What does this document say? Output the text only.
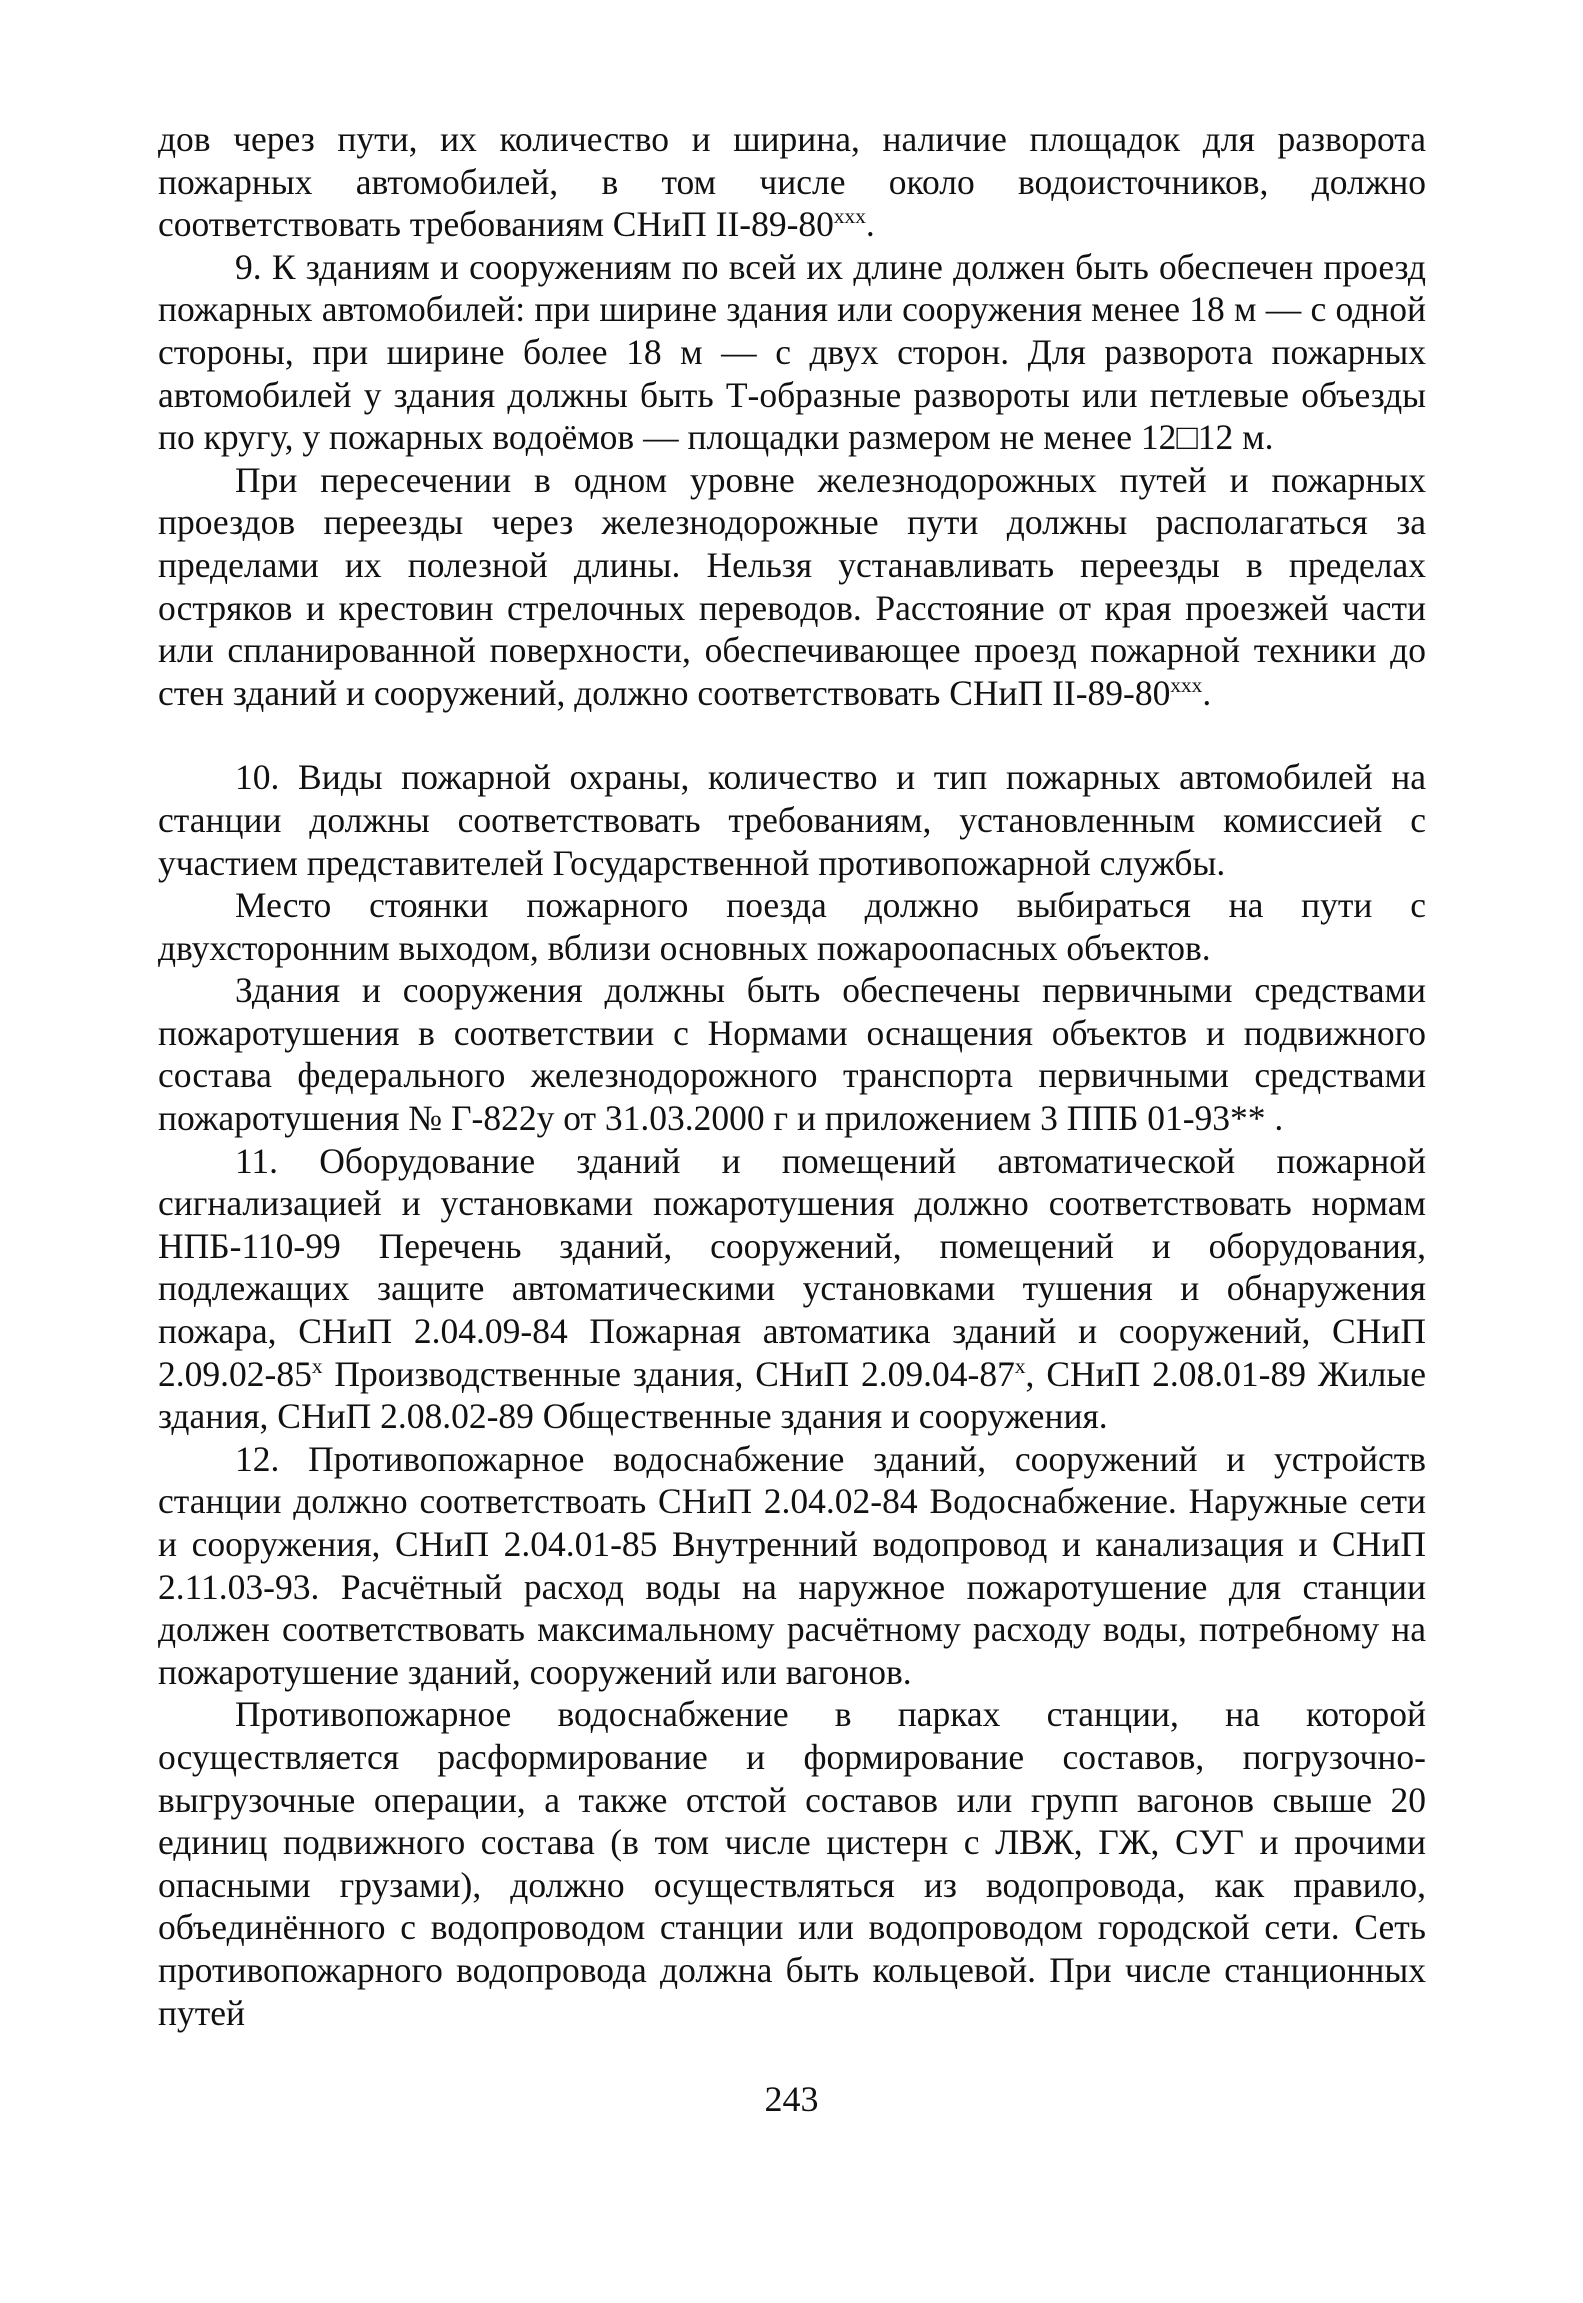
дов через пути, их количество и ширина, наличие площадок для разворота пожарных автомобилей, в том числе около водоисточников, должно соответствовать требованиям СНиП II-89-80$^{xxx}$.

9. К зданиям и сооружениям по всей их длине должен быть обеспечен проезд пожарных автомобилей: при ширине здания или сооружения менее 18 м — с одной стороны, при ширине более 18 м — с двух сторон. Для разворота пожарных автомобилей у здания должны быть Т-образные развороты или петлевые объезды по кругу, у пожарных водоёмов — площадки размером не менее 12□12 м.

При пересечении в одном уровне железнодорожных путей и пожарных проездов переезды через железнодорожные пути должны располагаться за пределами их полезной длины. Нельзя устанавливать переезды в пределах остряков и крестовин стрелочных переводов. Расстояние от края проезжей части или спланированной поверхности, обеспечивающее проезд пожарной техники до стен зданий и сооружений, должно соответствовать СНиП II-89-80$^{xxx}$.

10. Виды пожарной охраны, количество и тип пожарных автомобилей на станции должны соответствовать требованиям, установленным комиссией с участием представителей Государственной противопожарной службы.

Место стоянки пожарного поезда должно выбираться на пути с двухсторонним выходом, вблизи основных пожароопасных объектов.

Здания и сооружения должны быть обеспечены первичными средствами пожаротушения в соответствии с Нормами оснащения объектов и подвижного состава федерального железнодорожного транспорта первичными средствами пожаротушения № Г-822у от 31.03.2000 г и приложением 3 ППБ 01-93** .

11. Оборудование зданий и помещений автоматической пожарной сигнализацией и установками пожаротушения должно соответствовать нормам НПБ-110-99 Перечень зданий, сооружений, помещений и оборудования, подлежащих защите автоматическими установками тушения и обнаружения пожара, СНиП 2.04.09-84 Пожарная автоматика зданий и сооружений, СНиП 2.09.02-85$^x$ Производственные здания, СНиП 2.09.04-87$^x$, СНиП 2.08.01-89 Жилые здания, СНиП 2.08.02-89 Общественные здания и сооружения.

12. Противопожарное водоснабжение зданий, сооружений и устройств станции должно соответствоать СНиП 2.04.02-84 Водоснабжение. Наружные сети и сооружения, СНиП 2.04.01-85 Внутренний водопровод и канализация и СНиП 2.11.03-93. Расчётный расход воды на наружное пожаротушение для станции должен соответствовать максимальному расчётному расходу воды, потребному на пожаротушение зданий, сооружений или вагонов.

Противопожарное водоснабжение в парках станции, на которой осуществляется расформирование и формирование составов, погрузочно-выгрузочные операции, а также отстой составов или групп вагонов свыше 20 единиц подвижного состава (в том числе цистерн с ЛВЖ, ГЖ, СУГ и прочими опасными грузами), должно осуществляться из водопровода, как правило, объединённого с водопроводом станции или водопроводом городской сети. Сеть противопожарного водопровода должна быть кольцевой. При числе станционных путей

243
